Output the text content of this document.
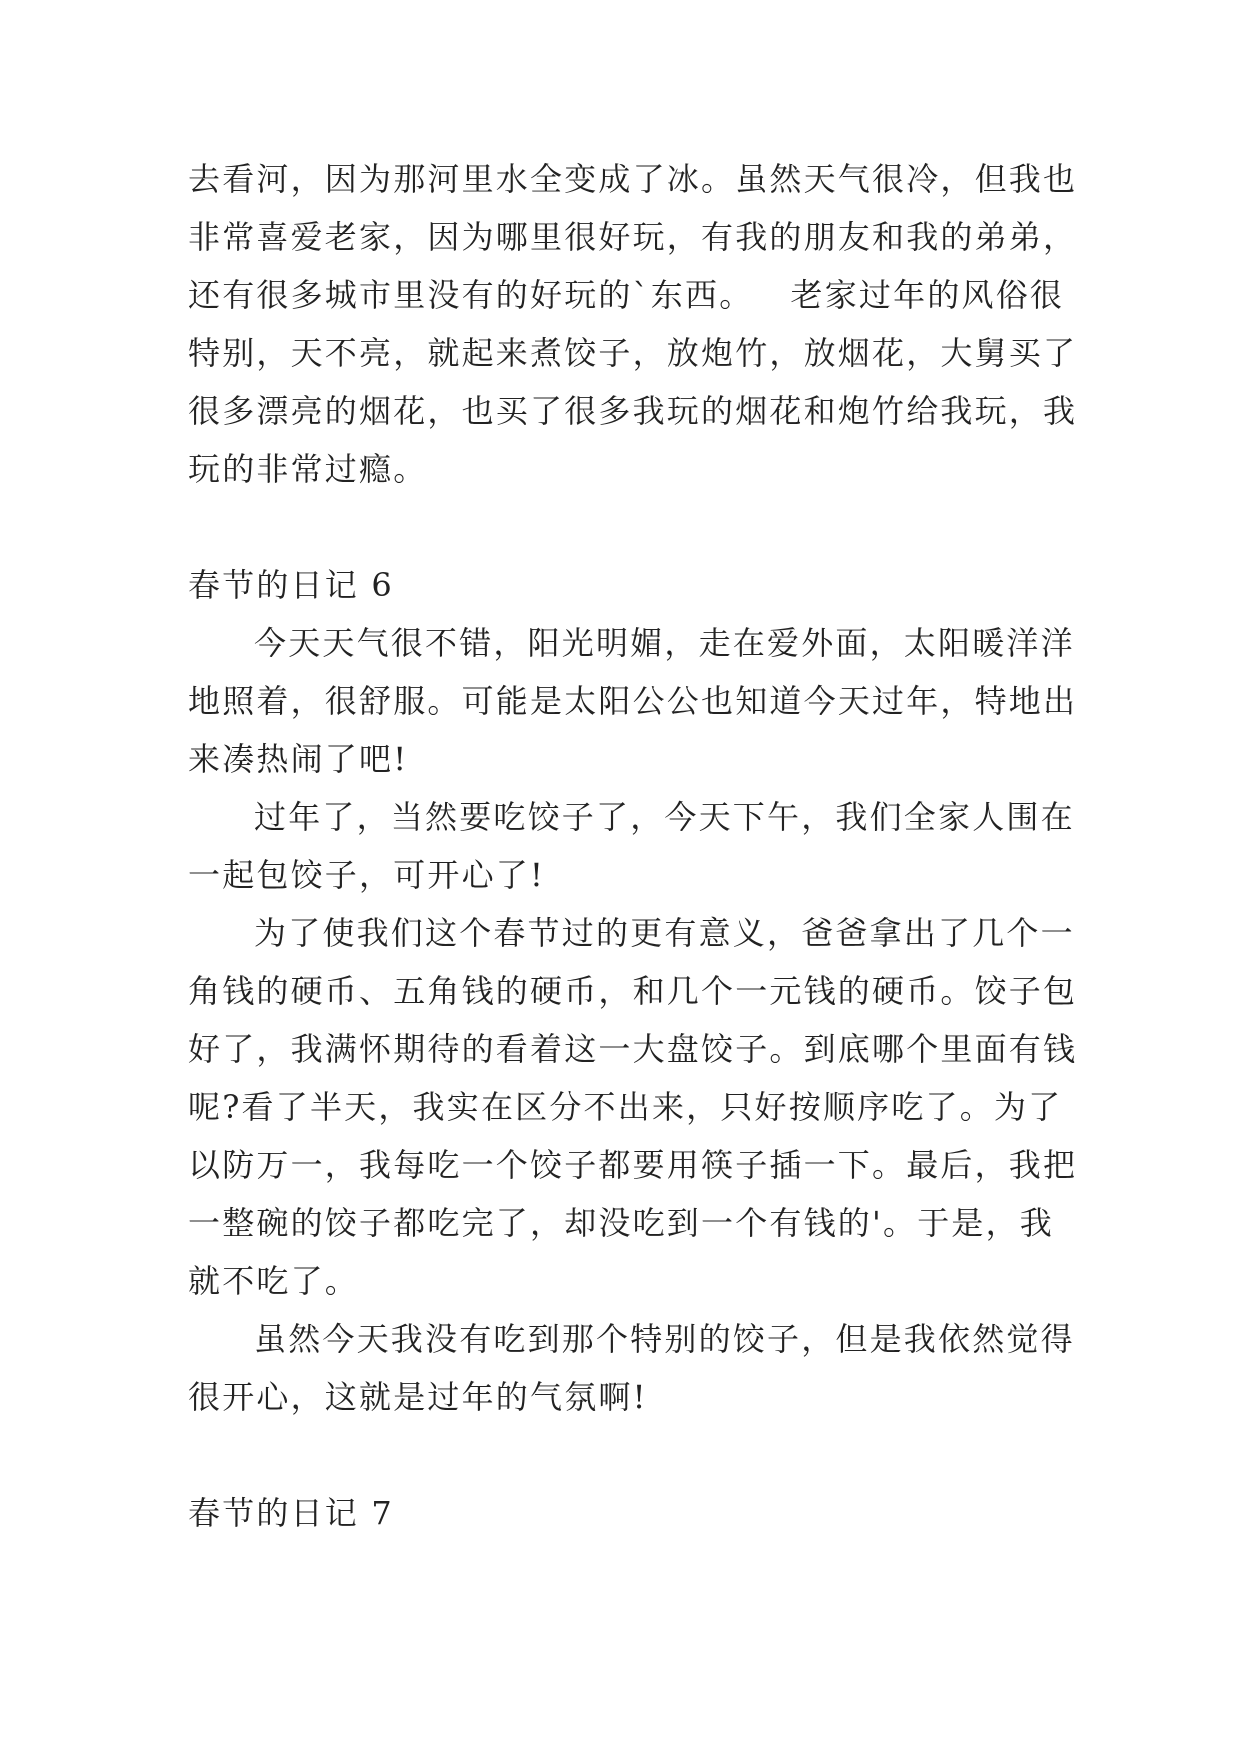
去看河，因为那河里水全变成了冰。虽然天气很冷，但我也
非常喜爱老家，因为哪里很好玩，有我的朋友和我的弟弟，
还有很多城市里没有的好玩的`东西。   老家过年的风俗很
特别，天不亮，就起来煮饺子，放炮竹，放烟花，大舅买了
很多漂亮的烟花，也买了很多我玩的烟花和炮竹给我玩，我
玩的非常过瘾。
春节的日记 6
今天天气很不错，阳光明媚，走在爱外面，太阳暖洋洋
地照着，很舒服。可能是太阳公公也知道今天过年，特地出
来凑热闹了吧!
过年了，当然要吃饺子了，今天下午，我们全家人围在
一起包饺子，可开心了!
为了使我们这个春节过的更有意义，爸爸拿出了几个一
角钱的硬币、五角钱的硬币，和几个一元钱的硬币。饺子包
好了，我满怀期待的看着这一大盘饺子。到底哪个里面有钱
呢?看了半天，我实在区分不出来，只好按顺序吃了。为了
以防万一，我每吃一个饺子都要用筷子插一下。最后，我把
一整碗的饺子都吃完了，却没吃到一个有钱的'。于是，我
就不吃了。
虽然今天我没有吃到那个特别的饺子，但是我依然觉得
很开心，这就是过年的气氛啊!
春节的日记 7
